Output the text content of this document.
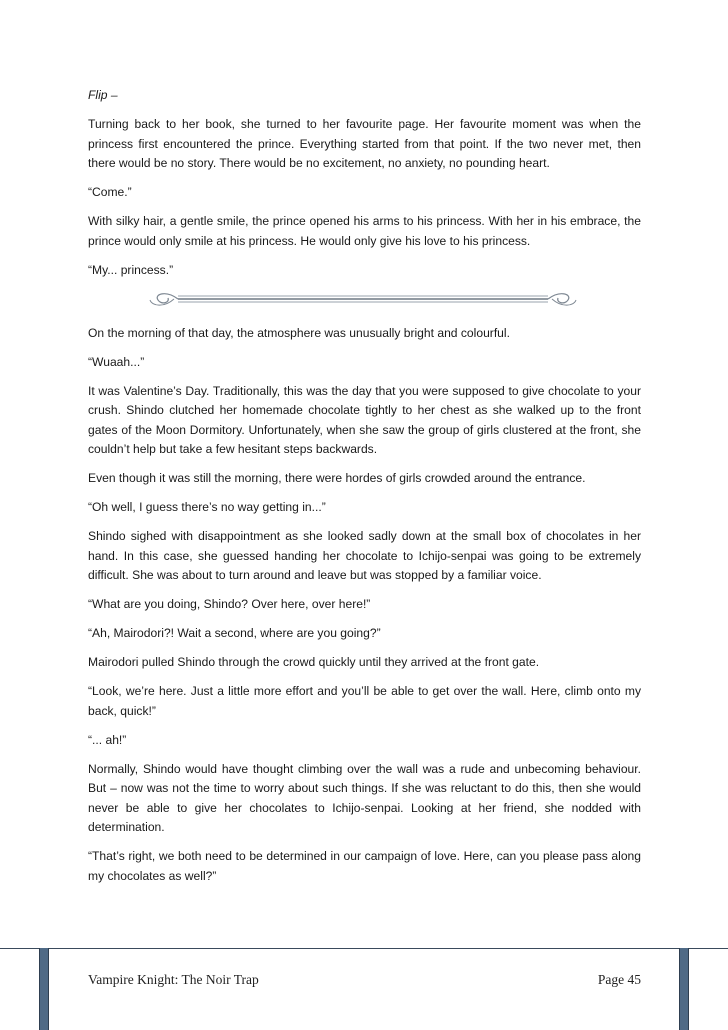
Flip –

Turning back to her book, she turned to her favourite page. Her favourite moment was when the princess first encountered the prince. Everything started from that point. If the two never met, then there would be no story. There would be no excitement, no anxiety, no pounding heart.

“Come.”

With silky hair, a gentle smile, the prince opened his arms to his princess. With her in his embrace, the prince would only smile at his princess. He would only give his love to his princess.

“My... princess.”

On the morning of that day, the atmosphere was unusually bright and colourful.

“Wuaah...”

It was Valentine’s Day. Traditionally, this was the day that you were supposed to give chocolate to your crush. Shindo clutched her homemade chocolate tightly to her chest as she walked up to the front gates of the Moon Dormitory. Unfortunately, when she saw the group of girls clustered at the front, she couldn’t help but take a few hesitant steps backwards.

Even though it was still the morning, there were hordes of girls crowded around the entrance.

“Oh well, I guess there’s no way getting in...”

Shindo sighed with disappointment as she looked sadly down at the small box of chocolates in her hand. In this case, she guessed handing her chocolate to Ichijo-senpai was going to be extremely difficult. She was about to turn around and leave but was stopped by a familiar voice.

“What are you doing, Shindo? Over here, over here!”

“Ah, Mairodori?! Wait a second, where are you going?”

Mairodori pulled Shindo through the crowd quickly until they arrived at the front gate.

“Look, we’re here. Just a little more effort and you’ll be able to get over the wall. Here, climb onto my back, quick!”

“... ah!”

Normally, Shindo would have thought climbing over the wall was a rude and unbecoming behaviour. But – now was not the time to worry about such things. If she was reluctant to do this, then she would never be able to give her chocolates to Ichijo-senpai. Looking at her friend, she nodded with determination.

“That’s right, we both need to be determined in our campaign of love. Here, can you please pass along my chocolates as well?”

Vampire Knight: The Noir Trap	Page 45
